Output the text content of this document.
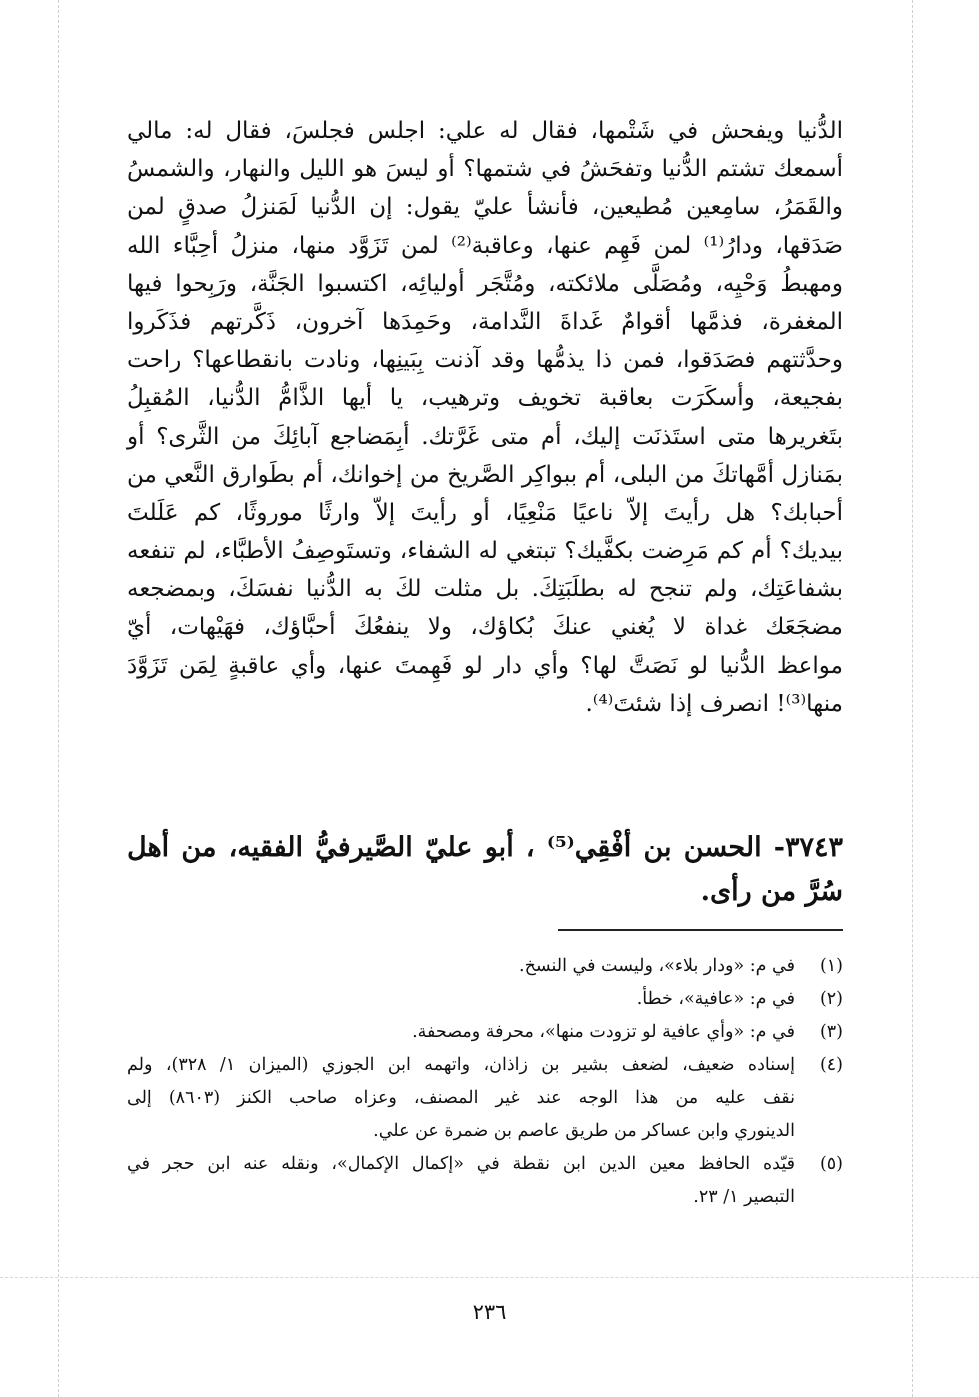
الدُّنيا ويفحش في شَتْمها، فقال له علي: اجلس فجلسَ، فقال له: مالي
أسمعك تشتم الدُّنيا وتفحَشُ في شتمها؟ أو ليسَ هو الليل والنهار، والشمسُ
والقَمَرُ، سامِعين مُطيعين، فأنشأ عليّ يقول: إن الدُّنيا لَمَنزلُ صدقٍ لمن
صَدَقها، ودارُ⁽¹⁾ لمن فَهِم عنها، وعاقبة⁽²⁾ لمن تَزَوَّد منها، منزلُ أحِبَّاء الله
ومهبطُ وَحْيِه، ومُصَلَّى ملائكته، ومُتَّجَر أوليائِه، اكتسبوا الجَنَّة، ورَبِحوا فيها
المغفرة، فذمَّها أقوامٌ غَداةَ النَّدامة، وحَمِدَها آخرون، ذَكَّرتهم فذَكَروا
وحدَّثتهم فصَدَقوا، فمن ذا يذمُّها وقد آذنت بِبَينِها، ونادت بانقطاعها؟ راحت
بفجيعة، وأسكَرَت بعاقبة تخويف وترهيب، يا أيها الذَّامُّ الدُّنيا، المُقبِلُ
بتَغريرها متى استَذنَت إليك، أم متى غَرَّتك. أبِمَضاجع آبائِكَ من الثَّرى؟ أو
بمَنازل أمَّهاتكَ من البلى، أم ببواكِر الصَّريخ من إخوانك، أم بطَوارق النَّعي من
أحبابك؟ هل رأيتَ إلاّ ناعيًا مَنْعِيًا، أو رأيتَ إلاّ وارثًا موروثًا، كم عَلَلتَ
بيديك؟ أم كم مَرِضت بكفَّيك؟ تبتغي له الشفاء، وتستَوصِفُ الأطبَّاء، لم تنفعه
بشفاعَتِك، ولم تنجح له بطلَبَتِكَ. بل مثلت لكَ به الدُّنيا نفسَكَ، وبمضجعه
مضجَعَك غداة لا يُغني عنكَ بُكاؤك، ولا ينفعُكَ أحبَّاؤك، فهَيْهات، أيّ
مواعظ الدُّنيا لو نَصَتَّ لها؟ وأي دار لو فَهِمتَ عنها، وأي عاقبةٍ لِمَن تَزَوَّدَ
منها⁽³⁾! انصرف إذا شئتَ⁽⁴⁾.
٣٧٤٣- الحسن بن أفْقِي⁽⁵⁾ ، أبو عليّ الصَّيرفيُّ الفقيه، من أهل
سُرَّ من رأى.
(١)
في م: «ودار بلاء»، وليست في النسخ.
(٢)
في م: «عافية»، خطأ.
(٣)
في م: «وأي عافية لو تزودت منها»، محرفة ومصحفة.
(٤)
إسناده ضعيف، لضعف بشير بن زاذان، واتهمه ابن الجوزي (الميزان ١/ ٣٢٨)، ولم
نقف عليه من هذا الوجه عند غير المصنف، وعزاه صاحب الكنز (٨٦٠٣) إلى
الدينوري وابن عساكر من طريق عاصم بن ضمرة عن علي.
(٥)
قيّده الحافظ معين الدين ابن نقطة في «إكمال الإكمال»، ونقله عنه ابن حجر في
التبصير ١/ ٢٣.
٢٣٦
